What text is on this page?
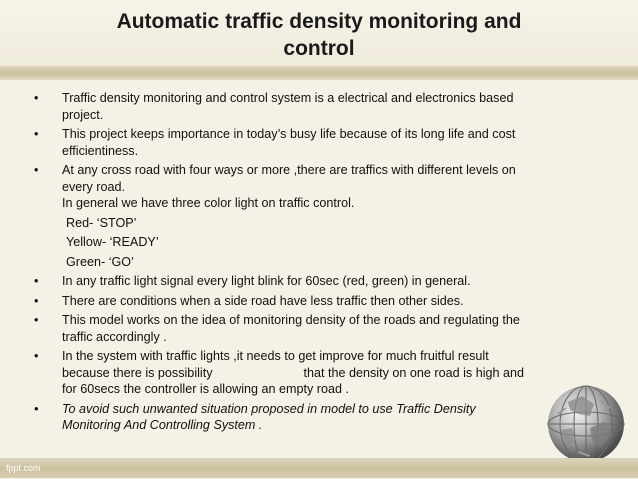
Automatic traffic density monitoring and
control
• Traffic density monitoring and control system is a electrical and electronics based
project.
• This project keeps importance in today’s busy life because of its long life and cost
efficientiness.
• At any cross road with four ways or more ,there are traffics with different levels on
every road.
In general we have three color light on traffic control.
Red- ‘STOP’
Yellow- ‘READY’
Green- ‘GO’
• In any traffic light signal every light blink for 60sec (red, green) in general.
• There are conditions when a side road have less traffic then other sides.
• This model works on the idea of monitoring density of the roads and regulating the
traffic accordingly .
• In the system with traffic lights ,it needs to get improve for much fruitful result
because there is possibility                          that the density on one road is high and
for 60secs the controller is allowing an empty road .
• To avoid such unwanted situation proposed in model to use Traffic Density
Monitoring And Controlling System .
fppt.com
